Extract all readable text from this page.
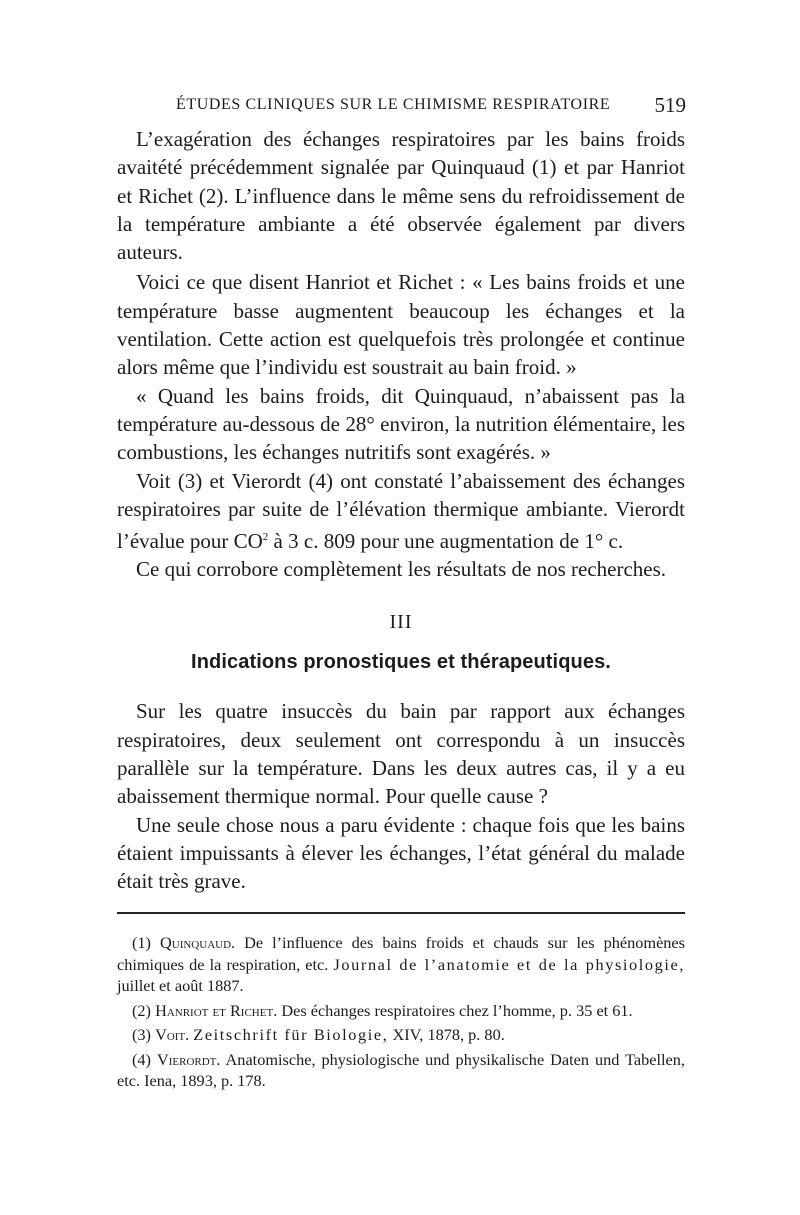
ÉTUDES CLINIQUES SUR LE CHIMISME RESPIRATOIRE 519

L’exagération des échanges respiratoires par les bains froids avaitété précédemment signalée par Quinquaud (1) et par Hanriot et Richet (2). L’influence dans le même sens du refroidissement de la température ambiante a été observée également par divers auteurs.

Voici ce que disent Hanriot et Richet : « Les bains froids et une température basse augmentent beaucoup les échanges et la ventilation. Cette action est quelquefois très prolongée et continue alors même que l’individu est soustrait au bain froid. »

« Quand les bains froids, dit Quinquaud, n’abaissent pas la température au-dessous de 28° environ, la nutrition élémentaire, les combustions, les échanges nutritifs sont exagérés. »

Voit (3) et Vierordt (4) ont constaté l’abaissement des échanges respiratoires par suite de l’élévation thermique ambiante. Vierordt l’évalue pour $CO^2$ à 3 c. 809 pour une augmentation de 1° c.

Ce qui corrobore complètement les résultats de nos recherches.

III
Indications pronostiques et thérapeutiques.

Sur les quatre insuccès du bain par rapport aux échanges respiratoires, deux seulement ont correspondu à un insuccès parallèle sur la température. Dans les deux autres cas, il y a eu abaissement thermique normal. Pour quelle cause ?

Une seule chose nous a paru évidente : chaque fois que les bains étaient impuissants à élever les échanges, l’état général du malade était très grave.

(1) Quinquaud. De l’influence des bains froids et chauds sur les phénomènes chimiques de la respiration, etc. Journal de l’anatomie et de la physiologie, juillet et août 1887.

(2) Hanriot et Richet. Des échanges respiratoires chez l’homme, p. 35 et 61.

(3) Voit. Zeitschrift für Biologie, XIV, 1878, p. 80.

(4) Vierordt. Anatomische, physiologische und physikalische Daten und Tabellen, etc. Iena, 1893, p. 178.
